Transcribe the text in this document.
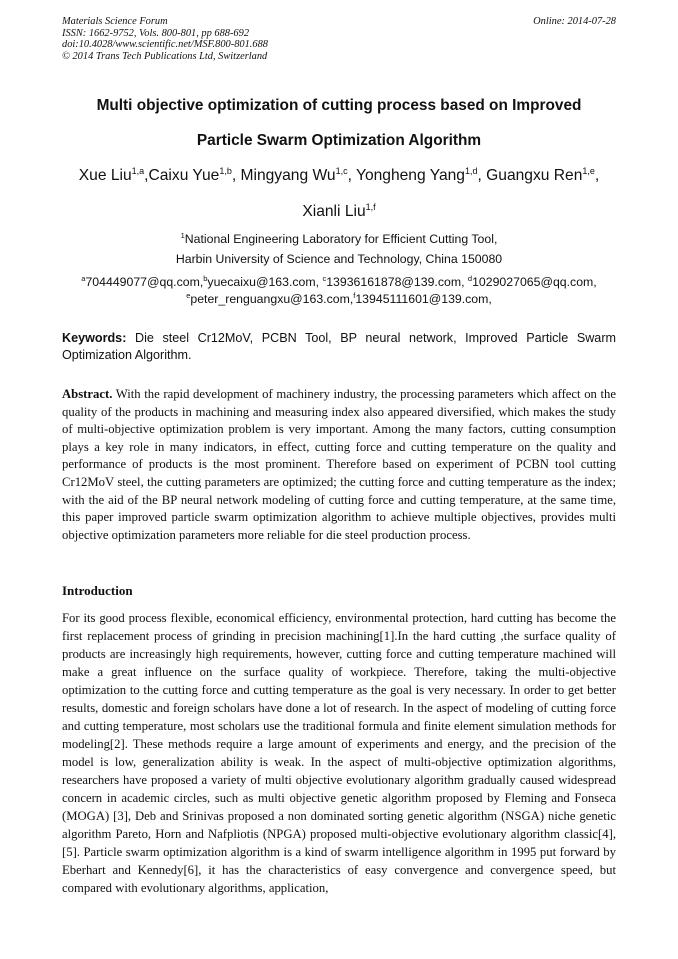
Materials Science Forum
ISSN: 1662-9752, Vols. 800-801, pp 688-692
doi:10.4028/www.scientific.net/MSF.800-801.688
© 2014 Trans Tech Publications Ltd, Switzerland
Online: 2014-07-28
Multi objective optimization of cutting process based on Improved
Particle Swarm Optimization Algorithm
Xue Liu$^{1,a}$,Caixu Yue$^{1,b}$, Mingyang Wu$^{1,c}$, Yongheng Yang$^{1,d}$, Guangxu Ren$^{1,e}$,
Xianli Liu$^{1,f}$
$^1$National Engineering Laboratory for Efficient Cutting Tool,
Harbin University of Science and Technology, China 150080
$^a$704449077@qq.com,$^b$yuecaixu@163.com, $^c$13936161878@139.com, $^d$1029027065@qq.com,
$^e$peter_renguangxu@163.com,$^f$13945111601@139.com,
Keywords: Die steel Cr12MoV, PCBN Tool, BP neural network, Improved Particle Swarm Optimization Algorithm.
Abstract. With the rapid development of machinery industry, the processing parameters which affect on the quality of the products in machining and measuring index also appeared diversified, which makes the study of multi-objective optimization problem is very important. Among the many factors, cutting consumption plays a key role in many indicators, in effect, cutting force and cutting temperature on the quality and performance of products is the most prominent. Therefore based on experiment of PCBN tool cutting Cr12MoV steel, the cutting parameters are optimized; the cutting force and cutting temperature as the index; with the aid of the BP neural network modeling of cutting force and cutting temperature, at the same time, this paper improved particle swarm optimization algorithm to achieve multiple objectives, provides multi objective optimization parameters more reliable for die steel production process.
Introduction
For its good process flexible, economical efficiency, environmental protection, hard cutting has become the first replacement process of grinding in precision machining[1].In the hard cutting ,the surface quality of products are increasingly high requirements, however, cutting force and cutting temperature machined will make a great influence on the surface quality of workpiece. Therefore, taking the multi-objective optimization to the cutting force and cutting temperature as the goal is very necessary. In order to get better results, domestic and foreign scholars have done a lot of research. In the aspect of modeling of cutting force and cutting temperature, most scholars use the traditional formula and finite element simulation methods for modeling[2]. These methods require a large amount of experiments and energy, and the precision of the model is low, generalization ability is weak. In the aspect of multi-objective optimization algorithms, researchers have proposed a variety of multi objective evolutionary algorithm gradually caused widespread concern in academic circles, such as multi objective genetic algorithm proposed by Fleming and Fonseca (MOGA) [3], Deb and Srinivas proposed a non dominated sorting genetic algorithm (NSGA) niche genetic algorithm Pareto, Horn and Nafpliotis (NPGA) proposed multi-objective evolutionary algorithm classic[4],[5]. Particle swarm optimization algorithm is a kind of swarm intelligence algorithm in 1995 put forward by Eberhart and Kennedy[6], it has the characteristics of easy convergence and convergence speed, but compared with evolutionary algorithms, application,
